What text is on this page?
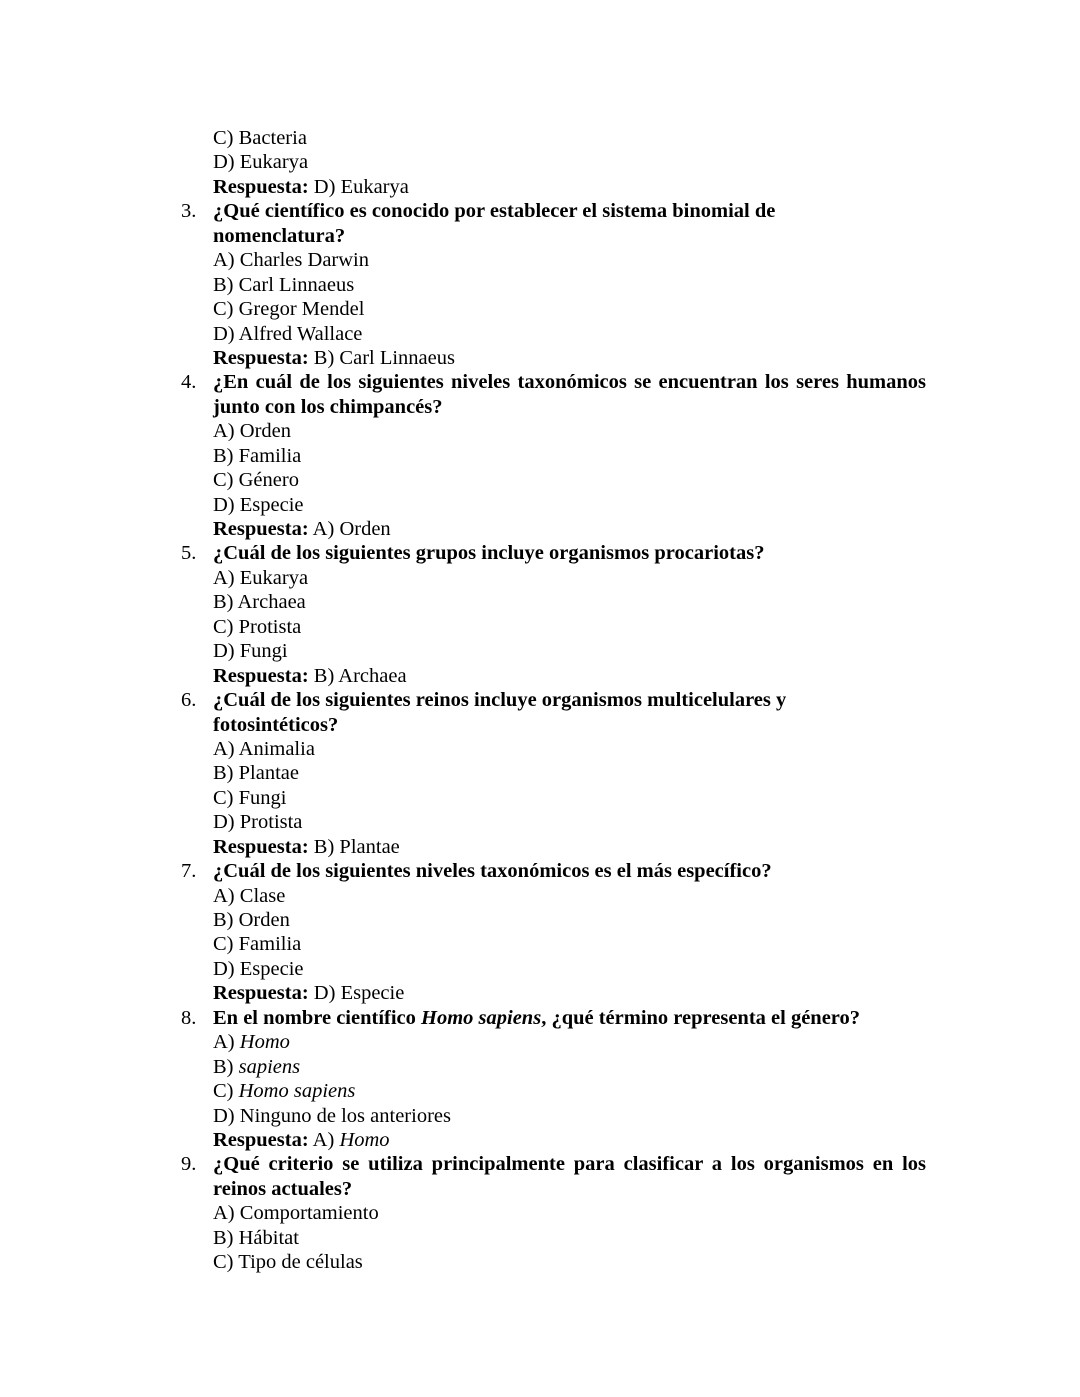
C) Bacteria
D) Eukarya
Respuesta: D) Eukarya
3. ¿Qué científico es conocido por establecer el sistema binomial de
nomenclatura?
A) Charles Darwin
B) Carl Linnaeus
C) Gregor Mendel
D) Alfred Wallace
Respuesta: B) Carl Linnaeus
4. ¿En cuál de los siguientes niveles taxonómicos se encuentran los seres humanos
junto con los chimpancés?
A) Orden
B) Familia
C) Género
D) Especie
Respuesta: A) Orden
5. ¿Cuál de los siguientes grupos incluye organismos procariotas?
A) Eukarya
B) Archaea
C) Protista
D) Fungi
Respuesta: B) Archaea
6. ¿Cuál de los siguientes reinos incluye organismos multicelulares y
fotosintéticos?
A) Animalia
B) Plantae
C) Fungi
D) Protista
Respuesta: B) Plantae
7. ¿Cuál de los siguientes niveles taxonómicos es el más específico?
A) Clase
B) Orden
C) Familia
D) Especie
Respuesta: D) Especie
8. En el nombre científico Homo sapiens, ¿qué término representa el género?
A) Homo
B) sapiens
C) Homo sapiens
D) Ninguno de los anteriores
Respuesta: A) Homo
9. ¿Qué criterio se utiliza principalmente para clasificar a los organismos en los
reinos actuales?
A) Comportamiento
B) Hábitat
C) Tipo de células
